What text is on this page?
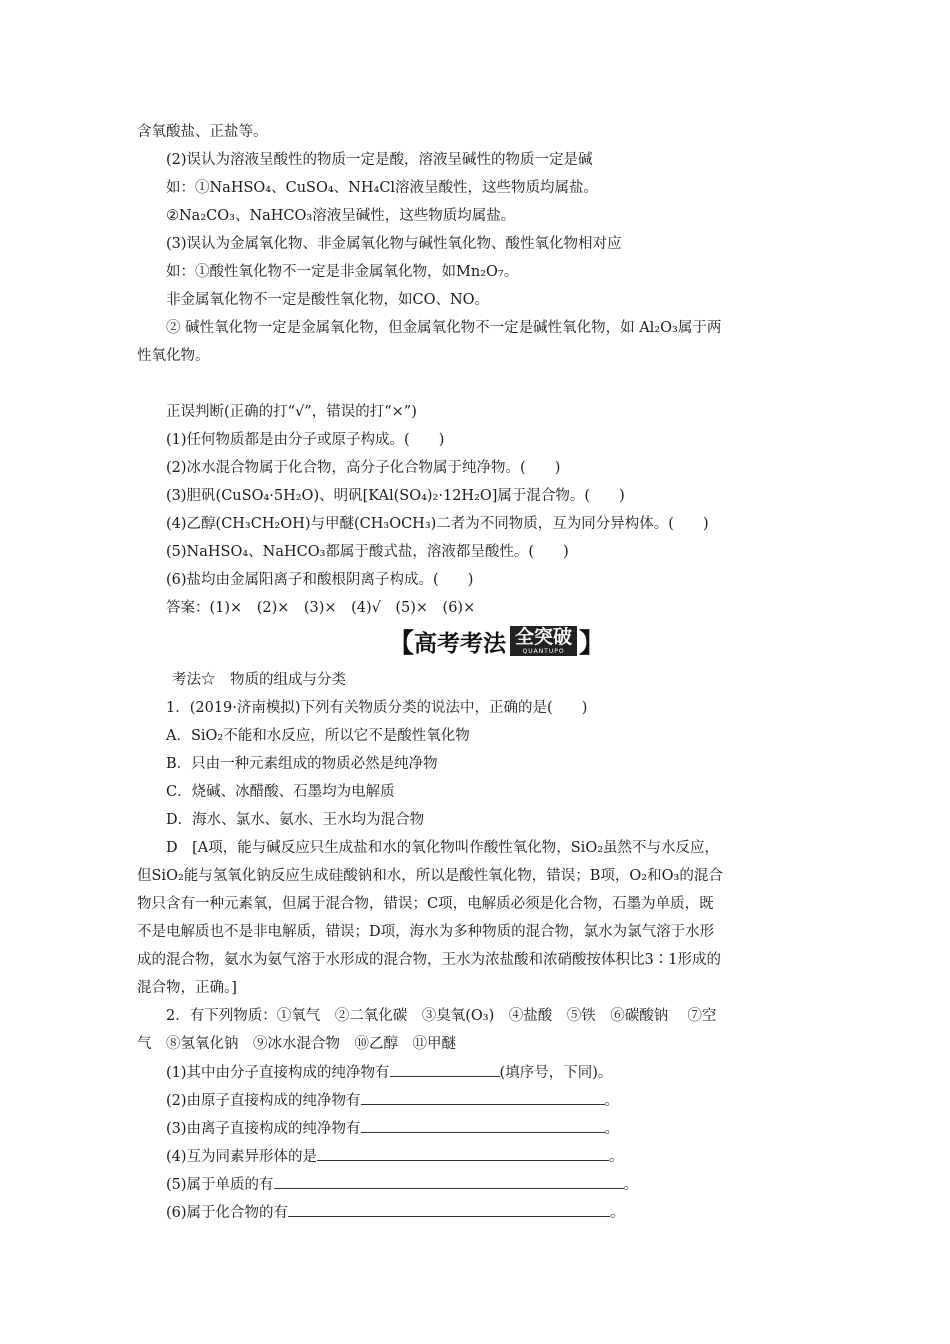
含氧酸盐、正盐等。
(2)误认为溶液呈酸性的物质一定是酸，溶液呈碱性的物质一定是碱
如：①NaHSO₄、CuSO₄、NH₄Cl溶液呈酸性，这些物质均属盐。
②Na₂CO₃、NaHCO₃溶液呈碱性，这些物质均属盐。
(3)误认为金属氧化物、非金属氧化物与碱性氧化物、酸性氧化物相对应
如：①酸性氧化物不一定是非金属氧化物，如Mn₂O₇。
非金属氧化物不一定是酸性氧化物，如CO、NO。
② 碱性氧化物一定是金属氧化物，但金属氧化物不一定是碱性氧化物，如 Al₂O₃属于两
性氧化物。
正误判断(正确的打“√”，错误的打“×”)
(1)任何物质都是由分子或原子构成。(　　)
(2)冰水混合物属于化合物，高分子化合物属于纯净物。(　　)
(3)胆矾(CuSO₄·5H₂O)、明矾[KAl(SO₄)₂·12H₂O]属于混合物。(　　)
(4)乙醇(CH₃CH₂OH)与甲醚(CH₃OCH₃)二者为不同物质，互为同分异构体。(　　)
(5)NaHSO₄、NaHCO₃都属于酸式盐，溶液都呈酸性。(　　)
(6)盐均由金属阳离子和酸根阴离子构成。(　　)
答案：(1)×　(2)×　(3)×　(4)√　(5)×　(6)×
【 高考考法 全突破
QUANTUPO 】
考法☆　物质的组成与分类
1．(2019·济南模拟)下列有关物质分类的说法中，正确的是(　　)
A．SiO₂不能和水反应，所以它不是酸性氧化物
B．只由一种元素组成的物质必然是纯净物
C．烧碱、冰醋酸、石墨均为电解质
D．海水、氯水、氨水、王水均为混合物
D　[A项，能与碱反应只生成盐和水的氧化物叫作酸性氧化物，SiO₂虽然不与水反应，
但SiO₂能与氢氧化钠反应生成硅酸钠和水，所以是酸性氧化物，错误；B项，O₂和O₃的混合
物只含有一种元素氧，但属于混合物，错误；C项，电解质必须是化合物，石墨为单质，既
不是电解质也不是非电解质，错误；D项，海水为多种物质的混合物，氯水为氯气溶于水形
成的混合物，氨水为氨气溶于水形成的混合物，王水为浓盐酸和浓硝酸按体积比3∶1形成的
混合物，正确。]
2．有下列物质：①氧气　②二氧化碳　③臭氧(O₃)　④盐酸　⑤铁　⑥碳酸钠　 ⑦空
气　⑧氢氧化钠　⑨冰水混合物　⑩乙醇　⑪甲醚
(1)其中由分子直接构成的纯净物有	(填序号，下同)。
(2)由原子直接构成的纯净物有	。
(3)由离子直接构成的纯净物有	。
(4)互为同素异形体的是	。
(5)属于单质的有	。
(6)属于化合物的有	。
